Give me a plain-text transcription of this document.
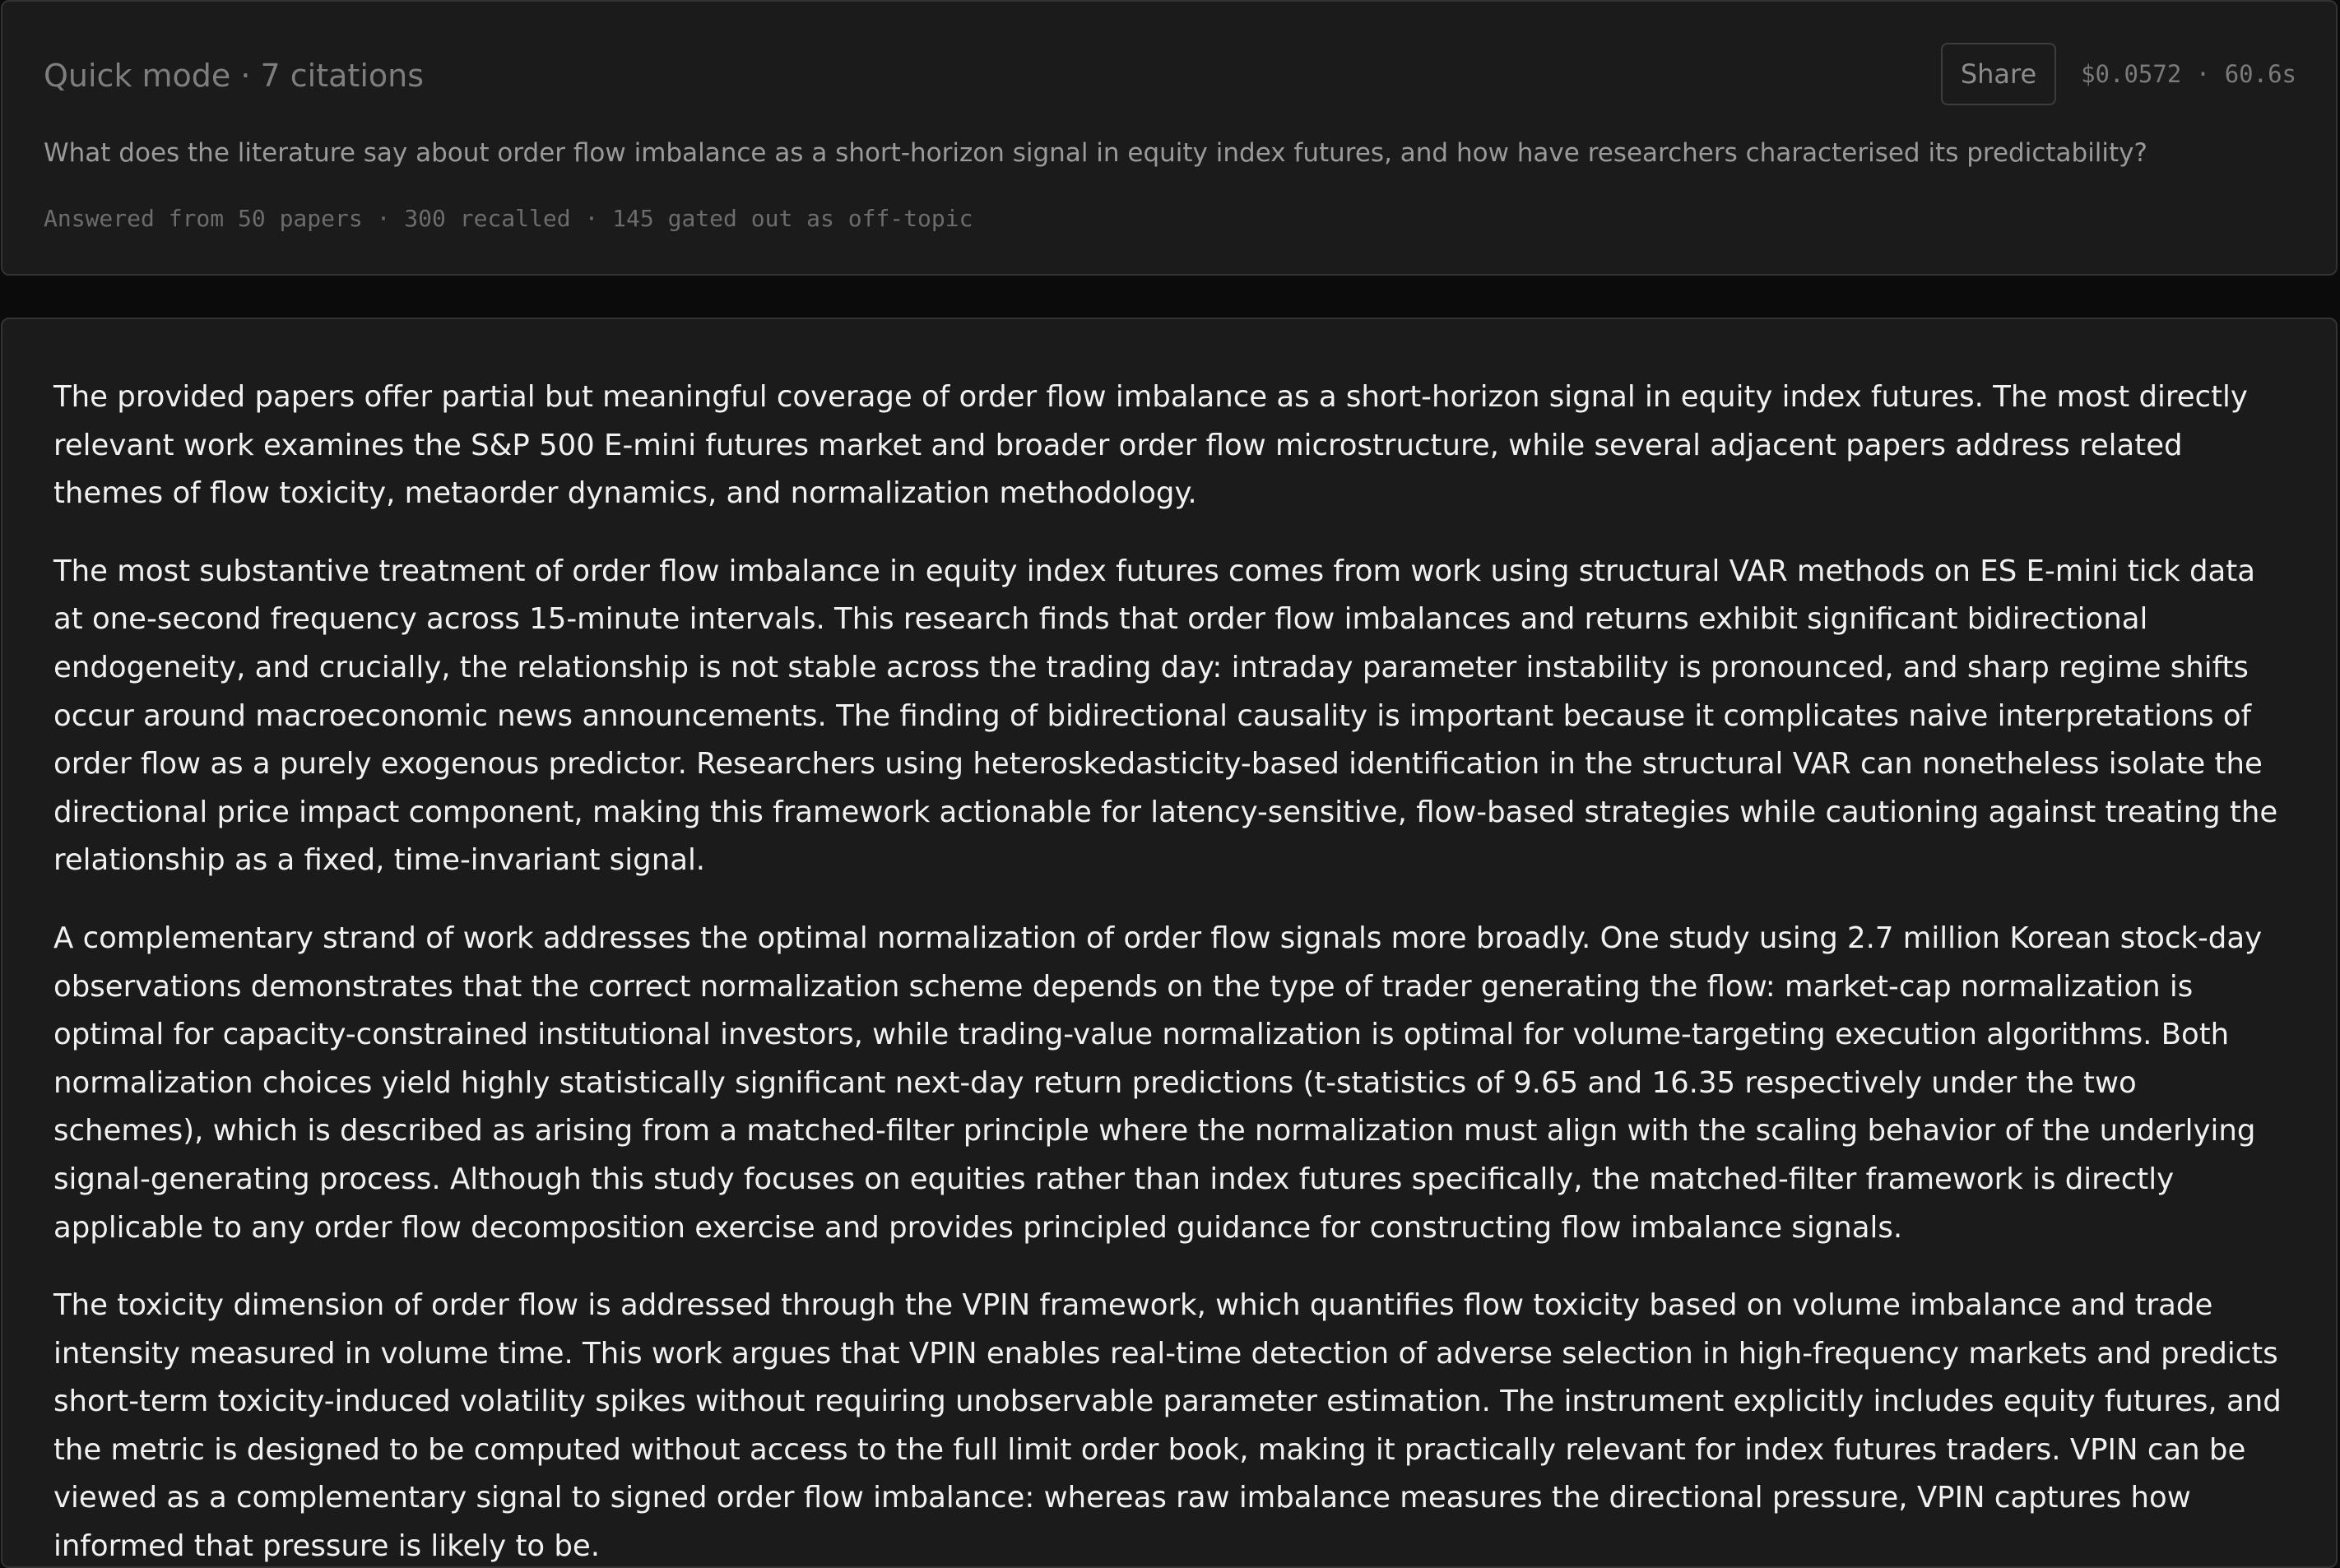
Quick mode · 7 citations	Share	$0.0572 · 60.6s
What does the literature say about order flow imbalance as a short-horizon signal in equity index futures, and how have researchers characterised its predictability?
Answered from 50 papers · 300 recalled · 145 gated out as off-topic

The provided papers offer partial but meaningful coverage of order flow imbalance as a short-horizon signal in equity index futures. The most directly relevant work examines the S&P 500 E-mini futures market and broader order flow microstructure, while several adjacent papers address related themes of flow toxicity, metaorder dynamics, and normalization methodology.

The most substantive treatment of order flow imbalance in equity index futures comes from work using structural VAR methods on ES E-mini tick data at one-second frequency across 15-minute intervals. This research finds that order flow imbalances and returns exhibit significant bidirectional endogeneity, and crucially, the relationship is not stable across the trading day: intraday parameter instability is pronounced, and sharp regime shifts occur around macroeconomic news announcements. The finding of bidirectional causality is important because it complicates naive interpretations of order flow as a purely exogenous predictor. Researchers using heteroskedasticity-based identification in the structural VAR can nonetheless isolate the directional price impact component, making this framework actionable for latency-sensitive, flow-based strategies while cautioning against treating the relationship as a fixed, time-invariant signal.

A complementary strand of work addresses the optimal normalization of order flow signals more broadly. One study using 2.7 million Korean stock-day observations demonstrates that the correct normalization scheme depends on the type of trader generating the flow: market-cap normalization is optimal for capacity-constrained institutional investors, while trading-value normalization is optimal for volume-targeting execution algorithms. Both normalization choices yield highly statistically significant next-day return predictions (t-statistics of 9.65 and 16.35 respectively under the two schemes), which is described as arising from a matched-filter principle where the normalization must align with the scaling behavior of the underlying signal-generating process. Although this study focuses on equities rather than index futures specifically, the matched-filter framework is directly applicable to any order flow decomposition exercise and provides principled guidance for constructing flow imbalance signals.

The toxicity dimension of order flow is addressed through the VPIN framework, which quantifies flow toxicity based on volume imbalance and trade intensity measured in volume time. This work argues that VPIN enables real-time detection of adverse selection in high-frequency markets and predicts short-term toxicity-induced volatility spikes without requiring unobservable parameter estimation. The instrument explicitly includes equity futures, and the metric is designed to be computed without access to the full limit order book, making it practically relevant for index futures traders. VPIN can be viewed as a complementary signal to signed order flow imbalance: whereas raw imbalance measures the directional pressure, VPIN captures how informed that pressure is likely to be.
